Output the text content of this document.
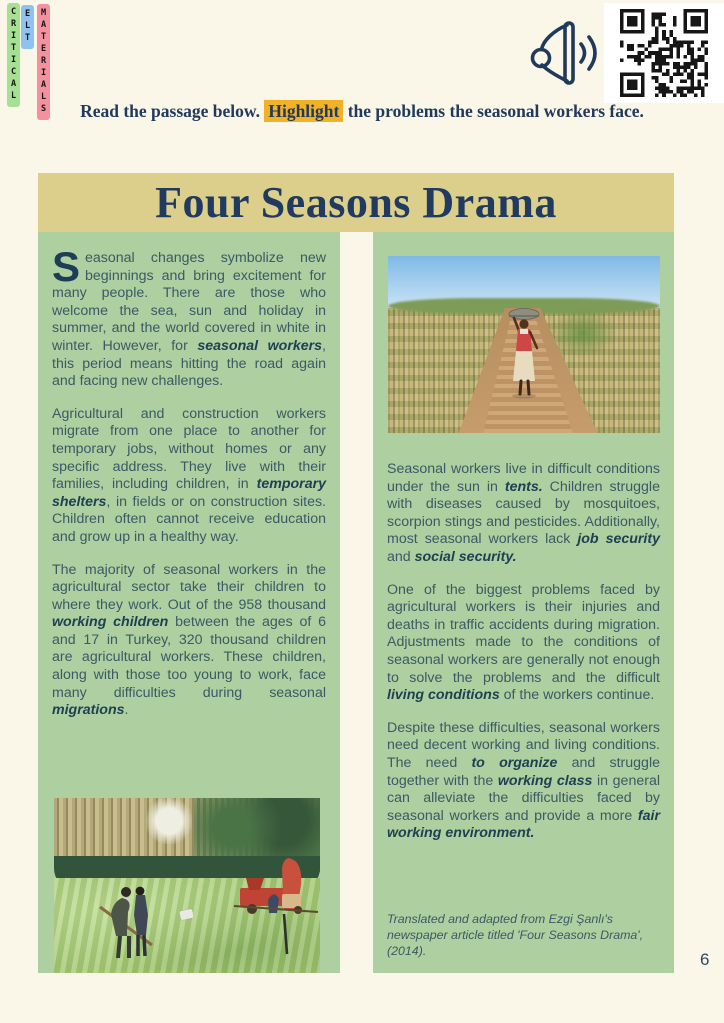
CRITICAL ELT MATERIALS	Read the passage below. Highlight the problems the seasonal workers face.
Four Seasons Drama

Seasonal changes symbolize new beginnings and bring excitement for many people. There are those who welcome the sea, sun and holiday in summer, and the world covered in white in winter. However, for seasonal workers, this period means hitting the road again and facing new challenges.

Agricultural and construction workers migrate from one place to another for temporary jobs, without homes or any specific address. They live with their families, including children, in temporary shelters, in fields or on construction sites. Children often cannot receive education and grow up in a healthy way.

The majority of seasonal workers in the agricultural sector take their children to where they work. Out of the 958 thousand working children between the ages of 6 and 17 in Turkey, 320 thousand children are agricultural workers. These children, along with those too young to work, face many difficulties during seasonal migrations.

Seasonal workers live in difficult conditions under the sun in tents. Children struggle with diseases caused by mosquitoes, scorpion stings and pesticides. Additionally, most seasonal workers lack job security and social security.

One of the biggest problems faced by agricultural workers is their injuries and deaths in traffic accidents during migration. Adjustments made to the conditions of seasonal workers are generally not enough to solve the problems and the difficult living conditions of the workers continue.

Despite these difficulties, seasonal workers need decent working and living conditions. The need to organize and struggle together with the working class in general can alleviate the difficulties faced by seasonal workers and provide a more fair working environment.

Translated and adapted from Ezgi Şanlı's newspaper article titled 'Four Seasons Drama', (2014).	6
